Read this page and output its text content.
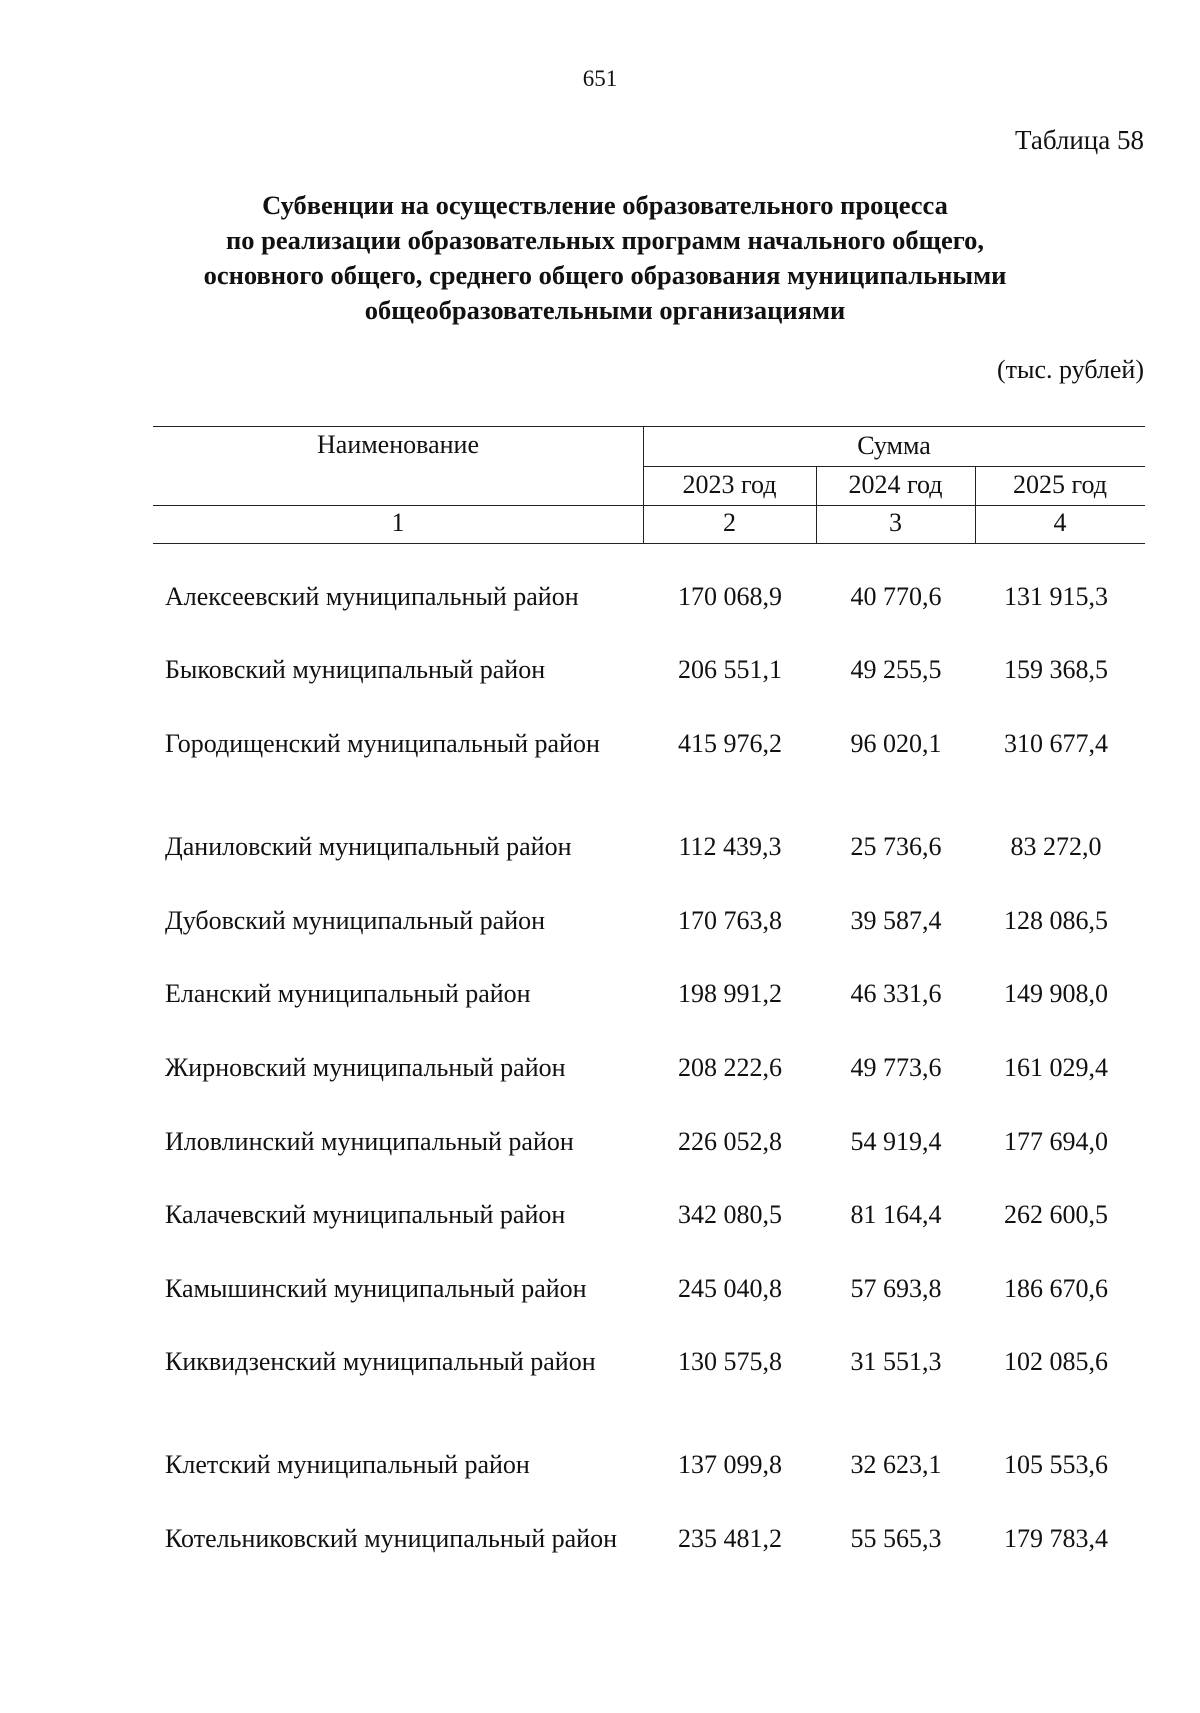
651
Таблица 58
Субвенции на осуществление образовательного процесса
по реализации образовательных программ начального общего,
основного общего, среднего общего образования муниципальными
общеобразовательными организациями
(тыс. рублей)
Наименование	Сумма
2023 год	2024 год	2025 год
1	2	3	4
Алексеевский муниципальный район	170 068,9	40 770,6	131 915,3
Быковский муниципальный район	206 551,1	49 255,5	159 368,5
Городищенский муниципальный район	415 976,2	96 020,1	310 677,4
Даниловский муниципальный район	112 439,3	25 736,6	83 272,0
Дубовский муниципальный район	170 763,8	39 587,4	128 086,5
Еланский муниципальный район	198 991,2	46 331,6	149 908,0
Жирновский муниципальный район	208 222,6	49 773,6	161 029,4
Иловлинский муниципальный район	226 052,8	54 919,4	177 694,0
Калачевский муниципальный район	342 080,5	81 164,4	262 600,5
Камышинский муниципальный район	245 040,8	57 693,8	186 670,6
Киквидзенский муниципальный район	130 575,8	31 551,3	102 085,6
Клетский муниципальный район	137 099,8	32 623,1	105 553,6
Котельниковский муниципальный район	235 481,2	55 565,3	179 783,4
